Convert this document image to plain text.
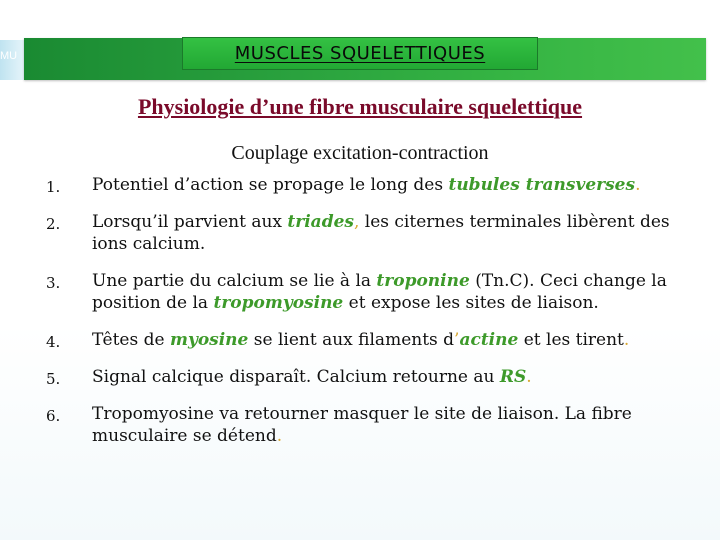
MU	MUSCLES SQUELETTIQUES
Physiologie d’une fibre musculaire squelettique
Couplage excitation-contraction
1.	Potentiel d’action se propage le long des tubules transverses.
2.	Lorsqu’il parvient aux triades, les citernes terminales libèrent des ions calcium.
3.	Une partie du calcium se lie à la troponine (Tn.C). Ceci change la position de la tropomyosine et expose les sites de liaison.
4.	Têtes de myosine se lient aux filaments d’actine et les tirent.
5.	Signal calcique disparaît. Calcium retourne au RS.
6.	Tropomyosine va retourner masquer le site de liaison. La fibre musculaire se détend.
